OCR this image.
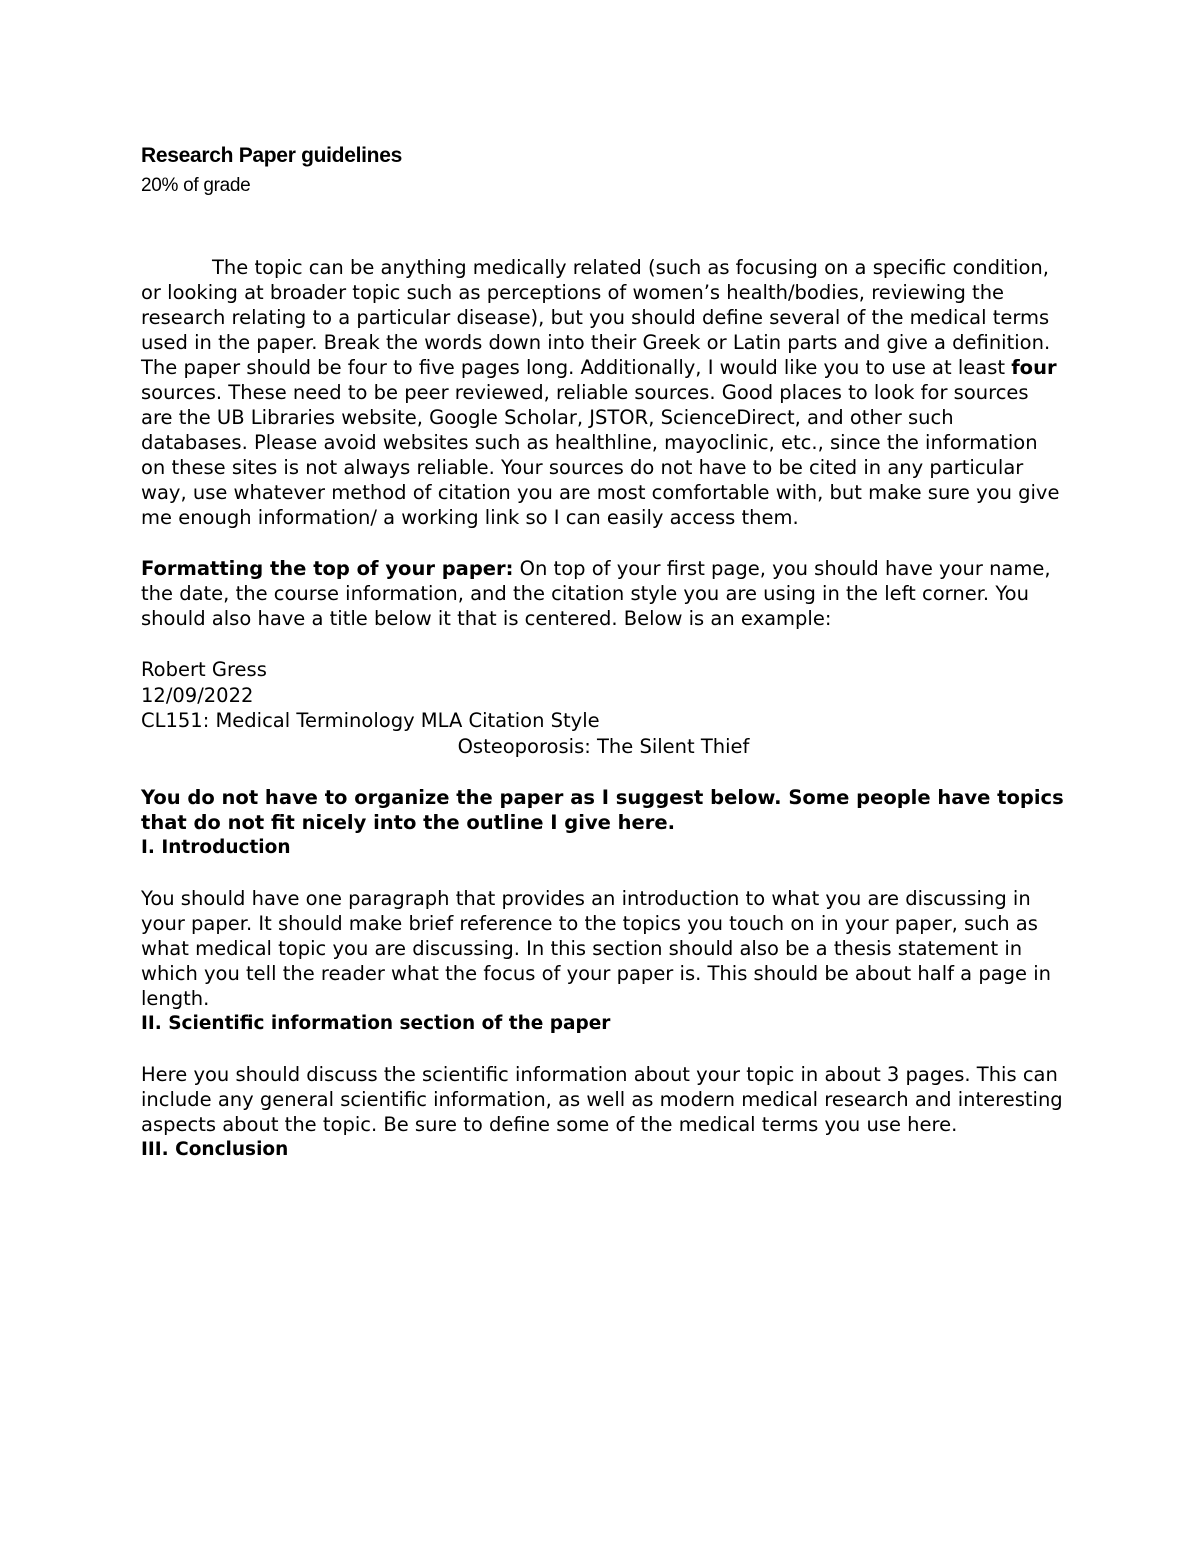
Research Paper guidelines

20% of grade

The topic can be anything medically related (such as focusing on a specific condition, or looking at broader topic such as perceptions of women’s health/bodies, reviewing the research relating to a particular disease), but you should define several of the medical terms used in the paper. Break the words down into their Greek or Latin parts and give a definition. The paper should be four to five pages long. Additionally, I would like you to use at least four sources. These need to be peer reviewed, reliable sources. Good places to look for sources are the UB Libraries website, Google Scholar, JSTOR, ScienceDirect, and other such databases. Please avoid websites such as healthline, mayoclinic, etc., since the information on these sites is not always reliable. Your sources do not have to be cited in any particular way, use whatever method of citation you are most comfortable with, but make sure you give me enough information/ a working link so I can easily access them.

Formatting the top of your paper: On top of your first page, you should have your name, the date, the course information, and the citation style you are using in the left corner. You should also have a title below it that is centered. Below is an example:

Robert Gress

12/09/2022

CL151: Medical Terminology MLA Citation Style

Osteoporosis: The Silent Thief

You do not have to organize the paper as I suggest below. Some people have topics that do not fit nicely into the outline I give here.

I. Introduction

You should have one paragraph that provides an introduction to what you are discussing in your paper. It should make brief reference to the topics you touch on in your paper, such as what medical topic you are discussing. In this section should also be a thesis statement in which you tell the reader what the focus of your paper is. This should be about half a page in length.

II. Scientific information section of the paper

Here you should discuss the scientific information about your topic in about 3 pages. This can include any general scientific information, as well as modern medical research and interesting aspects about the topic. Be sure to define some of the medical terms you use here.

III. Conclusion
